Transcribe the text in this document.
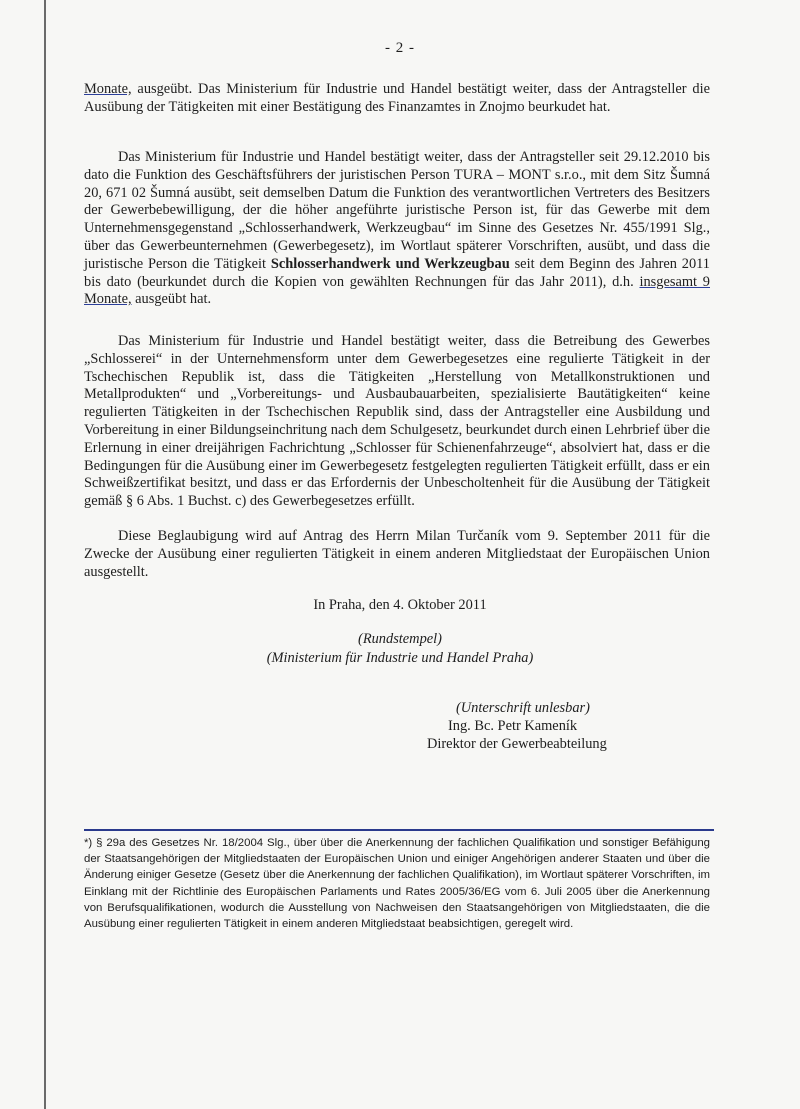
- 2 -

Monate, ausgeübt. Das Ministerium für Industrie und Handel bestätigt weiter, dass der Antragsteller die Ausübung der Tätigkeiten mit einer Bestätigung des Finanzamtes in Znojmo beurkudet hat.

Das Ministerium für Industrie und Handel bestätigt weiter, dass der Antragsteller seit 29.12.2010 bis dato die Funktion des Geschäftsführers der juristischen Person TURA – MONT s.r.o., mit dem Sitz Šumná 20, 671 02 Šumná ausübt, seit demselben Datum die Funktion des verantwortlichen Vertreters des Besitzers der Gewerbebewilligung, der die höher angeführte juristische Person ist, für das Gewerbe mit dem Unternehmensgegenstand „Schlosserhandwerk, Werkzeugbau“ im Sinne des Gesetzes Nr. 455/1991 Slg., über das Gewerbeunternehmen (Gewerbegesetz), im Wortlaut späterer Vorschriften, ausübt, und dass die juristische Person die Tätigkeit Schlosserhandwerk und Werkzeugbau seit dem Beginn des Jahren 2011 bis dato (beurkundet durch die Kopien von gewählten Rechnungen für das Jahr 2011), d.h. insgesamt 9 Monate, ausgeübt hat.

Das Ministerium für Industrie und Handel bestätigt weiter, dass die Betreibung des Gewerbes „Schlosserei“ in der Unternehmensform unter dem Gewerbegesetzes eine regulierte Tätigkeit in der Tschechischen Republik ist, dass die Tätigkeiten „Herstellung von Metallkonstruktionen und Metallprodukten“ und „Vorbereitungs- und Ausbaubauarbeiten, spezialisierte Bautätigkeiten“ keine regulierten Tätigkeiten in der Tschechischen Republik sind, dass der Antragsteller eine Ausbildung und Vorbereitung in einer Bildungseinchritung nach dem Schulgesetz, beurkundet durch einen Lehrbrief über die Erlernung in einer dreijährigen Fachrichtung „Schlosser für Schienenfahrzeuge“, absolviert hat, dass er die Bedingungen für die Ausübung einer im Gewerbegesetz festgelegten regulierten Tätigkeit erfüllt, dass er ein Schweißzertifikat besitzt, und dass er das Erfordernis der Unbescholtenheit für die Ausübung der Tätigkeit gemäß § 6 Abs. 1 Buchst. c) des Gewerbegesetzes erfüllt.

Diese Beglaubigung wird auf Antrag des Herrn Milan Turčaník vom 9. September 2011 für die Zwecke der Ausübung einer regulierten Tätigkeit in einem anderen Mitgliedstaat der Europäischen Union ausgestellt.

In Praha, den 4. Oktober 2011
(Rundstempel)
(Ministerium für Industrie und Handel Praha)
(Unterschrift unlesbar)
Ing. Bc. Petr Kameník
Direktor der Gewerbeabteilung

*) § 29a des Gesetzes Nr. 18/2004 Slg., über über die Anerkennung der fachlichen Qualifikation und sonstiger Befähigung der Staatsangehörigen der Mitgliedstaaten der Europäischen Union und einiger Angehörigen anderer Staaten und über die Änderung einiger Gesetze (Gesetz über die Anerkennung der fachlichen Qualifikation), im Wortlaut späterer Vorschriften, im Einklang mit der Richtlinie des Europäischen Parlaments und Rates 2005/36/EG vom 6. Juli 2005 über die Anerkennung von Berufsqualifikationen, wodurch die Ausstellung von Nachweisen den Staatsangehörigen von Mitgliedstaaten, die die Ausübung einer regulierten Tätigkeit in einem anderen Mitgliedstaat beabsichtigen, geregelt wird.
